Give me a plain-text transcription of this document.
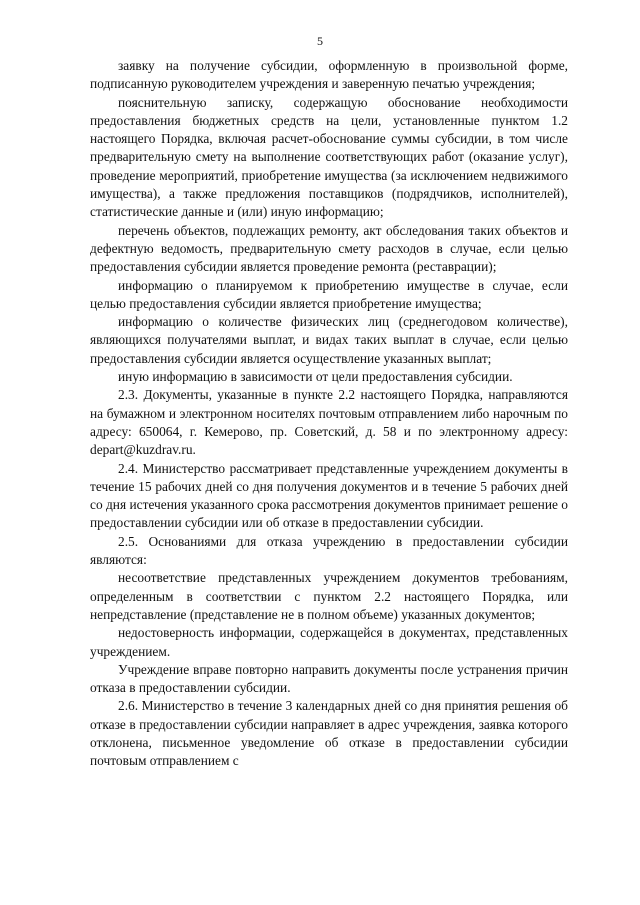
5

заявку на получение субсидии, оформленную в произвольной форме, подписанную руководителем учреждения и заверенную печатью учреждения;

пояснительную записку, содержащую обоснование необходимости предоставления бюджетных средств на цели, установленные пунктом 1.2 настоящего Порядка, включая расчет-обоснование суммы субсидии, в том числе предварительную смету на выполнение соответствующих работ (оказание услуг), проведение мероприятий, приобретение имущества (за исключением недвижимого имущества), а также предложения поставщиков (подрядчиков, исполнителей), статистические данные и (или) иную информацию;

перечень объектов, подлежащих ремонту, акт обследования таких объектов и дефектную ведомость, предварительную смету расходов в случае, если целью предоставления субсидии является проведение ремонта (реставрации);

информацию о планируемом к приобретению имуществе в случае, если целью предоставления субсидии является приобретение имущества;

информацию о количестве физических лиц (среднегодовом количестве), являющихся получателями выплат, и видах таких выплат в случае, если целью предоставления субсидии является осуществление указанных выплат;

иную информацию в зависимости от цели предоставления субсидии.

2.3. Документы, указанные в пункте 2.2 настоящего Порядка, направляются на бумажном и электронном носителях почтовым отправлением либо нарочным по адресу: 650064, г. Кемерово, пр. Советский, д. 58 и по электронному адресу: depart@kuzdrav.ru.

2.4. Министерство рассматривает представленные учреждением документы в течение 15 рабочих дней со дня получения документов и в течение 5 рабочих дней со дня истечения указанного срока рассмотрения документов принимает решение о предоставлении субсидии или об отказе в предоставлении субсидии.

2.5. Основаниями для отказа учреждению в предоставлении субсидии являются:

несоответствие представленных учреждением документов требованиям, определенным в соответствии с пунктом 2.2 настоящего Порядка, или непредставление (представление не в полном объеме) указанных документов;

недостоверность информации, содержащейся в документах, представленных учреждением.

Учреждение вправе повторно направить документы после устранения причин отказа в предоставлении субсидии.

2.6. Министерство в течение 3 календарных дней со дня принятия решения об отказе в предоставлении субсидии направляет в адрес учреждения, заявка которого отклонена, письменное уведомление об отказе в предоставлении субсидии почтовым отправлением с
